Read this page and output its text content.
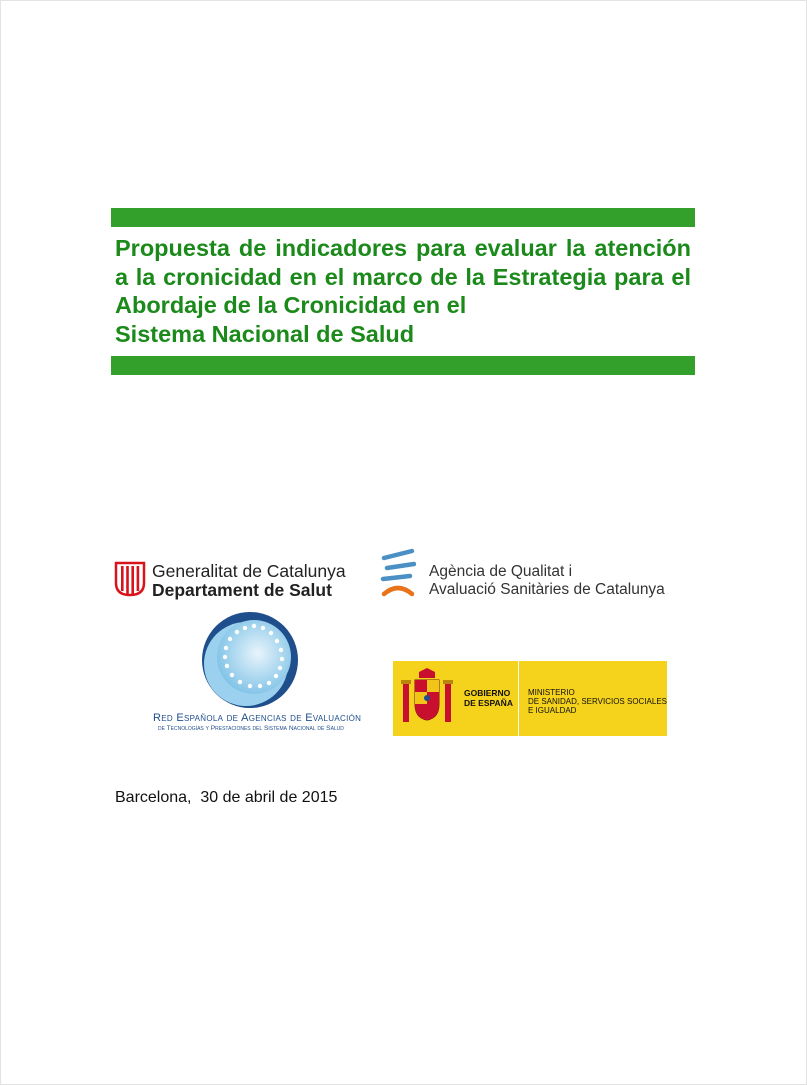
Propuesta de indicadores para evaluar la atención a la cronicidad en el marco de la Estrategia para el Abordaje de la Cronicidad en el
Sistema Nacional de Salud
Generalitat de Catalunya
Departament de Salut
Agència de Qualitat i
Avaluació Sanitàries de Catalunya
Red Española de Agencias de Evaluación
de Tecnologías y Prestaciones del Sistema Nacional de Salud
GOBIERNO
DE ESPAÑA
MINISTERIO
DE SANIDAD, SERVICIOS SOCIALES
E IGUALDAD
Barcelona,  30 de abril de 2015
